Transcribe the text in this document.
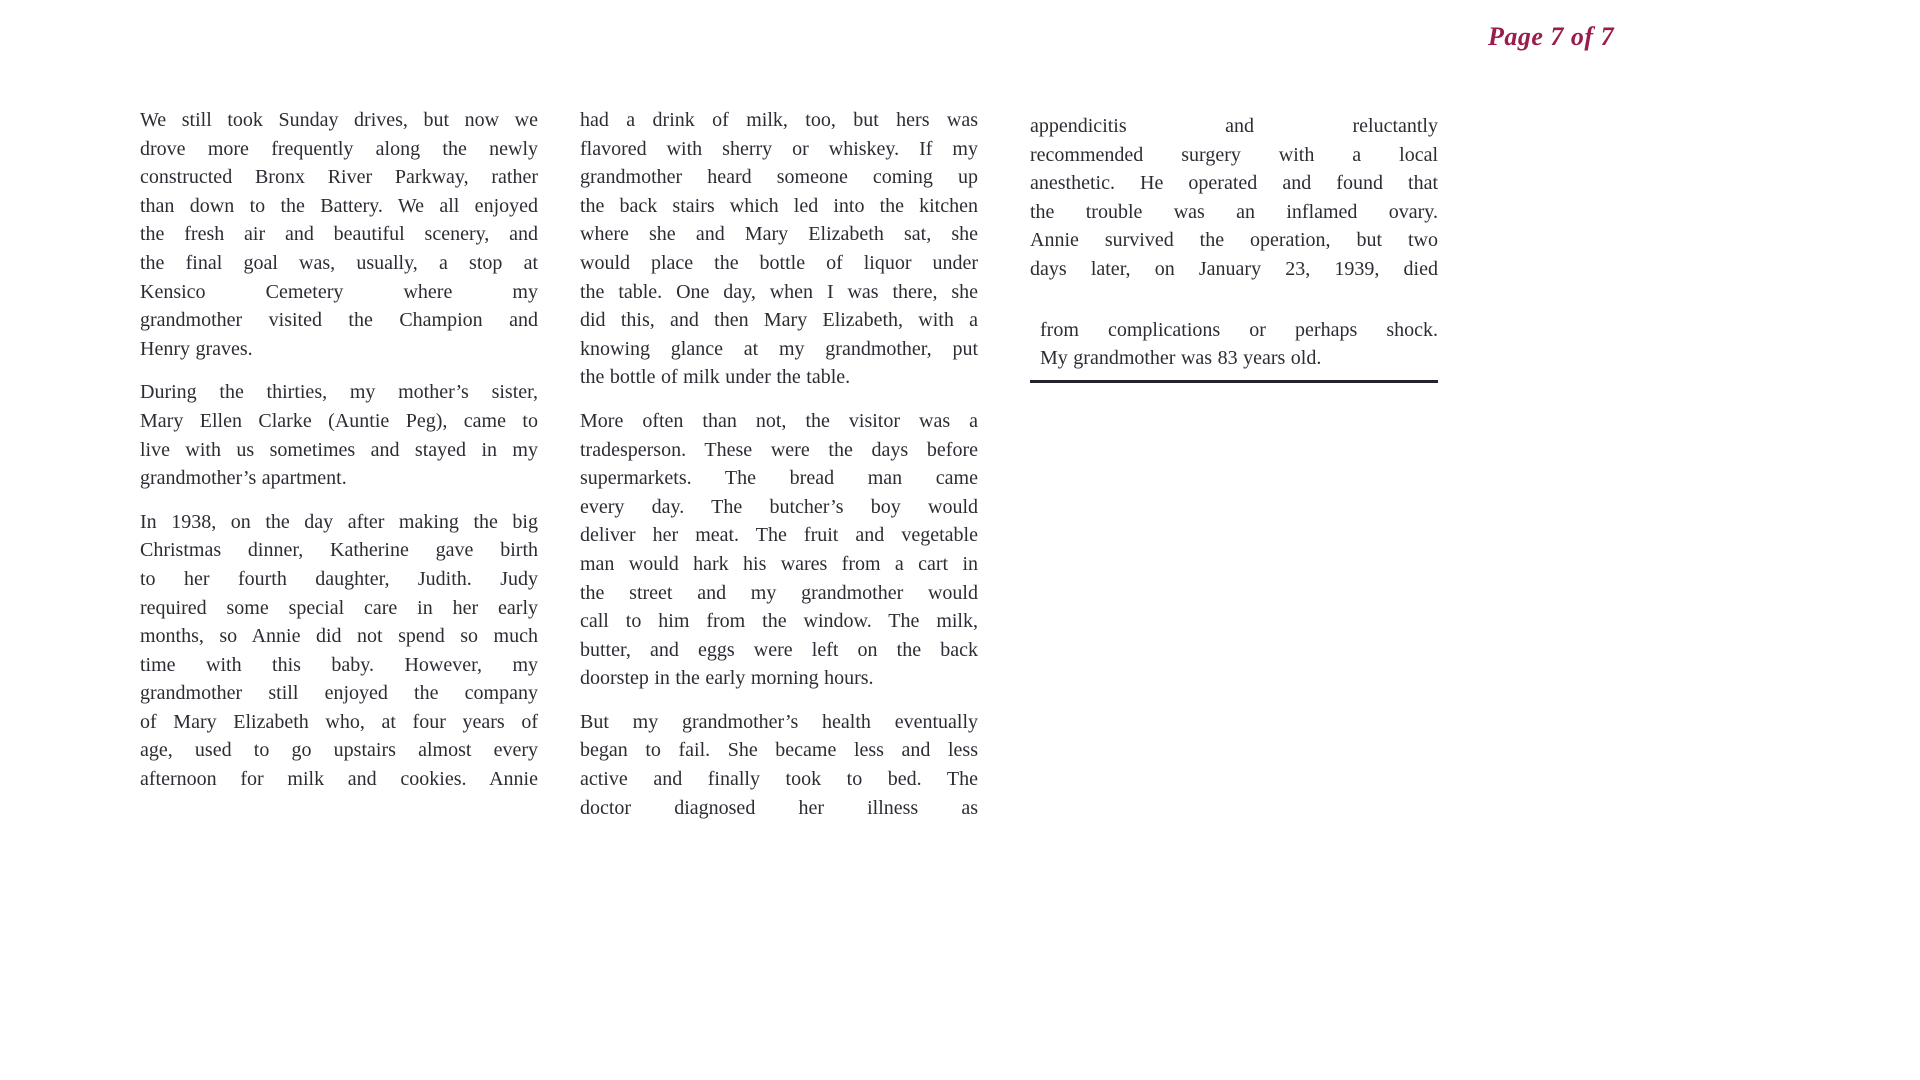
Page 7 of 7
We still took Sunday drives, but now we
drove more frequently along the newly
constructed Bronx River Parkway, rather
than down to the Battery. We all enjoyed
the fresh air and beautiful scenery, and
the final goal was, usually, a stop at
Kensico Cemetery where my
grandmother visited the Champion and
Henry graves.
During the thirties, my mother’s sister,
Mary Ellen Clarke (Auntie Peg), came to
live with us sometimes and stayed in my
grandmother’s apartment.
In 1938, on the day after making the big
Christmas dinner, Katherine gave birth
to her fourth daughter, Judith. Judy
required some special care in her early
months, so Annie did not spend so much
time with this baby. However, my
grandmother still enjoyed the company
of Mary Elizabeth who, at four years of
age, used to go upstairs almost every
afternoon for milk and cookies. Annie
had a drink of milk, too, but hers was
flavored with sherry or whiskey. If my
grandmother heard someone coming up
the back stairs which led into the kitchen
where she and Mary Elizabeth sat, she
would place the bottle of liquor under
the table. One day, when I was there, she
did this, and then Mary Elizabeth, with a
knowing glance at my grandmother, put
the bottle of milk under the table.
More often than not, the visitor was a
tradesperson. These were the days before
supermarkets. The bread man came
every day. The butcher’s boy would
deliver her meat. The fruit and vegetable
man would hark his wares from a cart in
the street and my grandmother would
call to him from the window. The milk,
butter, and eggs were left on the back
doorstep in the early morning hours.
But my grandmother’s health eventually
began to fail. She became less and less
active and finally took to bed. The
doctor diagnosed her illness as
appendicitis and reluctantly
recommended surgery with a local
anesthetic. He operated and found that
the trouble was an inflamed ovary.
Annie survived the operation, but two
days later, on January 23, 1939, died
from complications or perhaps shock.
My grandmother was 83 years old.
